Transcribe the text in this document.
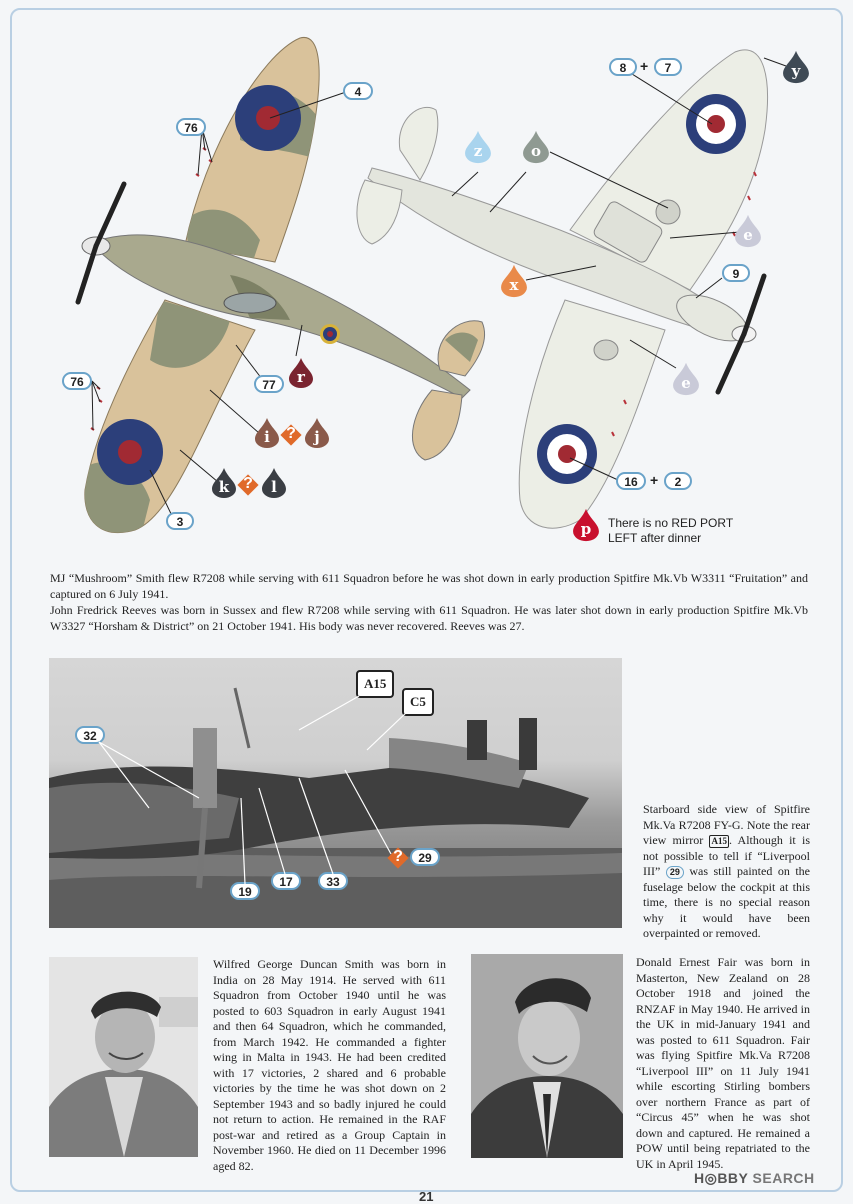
4
76
76	77
3
r
i	?	j
k ?	l
8 +	7
9
16 +	2
y
z	o
e
x
e
p	There is no RED PORT
LEFT after dinner
MJ “Mushroom” Smith flew R7208 while serving with 611 Squadron before he was shot down in early production Spitfire Mk.Vb W3311 “Fruitation” and captured on 6 July 1941.
John Fredrick Reeves was born in Sussex and flew R7208 while serving with 611 Squadron. He was later shot down in early production Spitfire Mk.Vb W3327 “Horsham & District” on 21 October 1941. His body was never recovered. Reeves was 27.
A15
C5
32
19
17	33
?	29
Starboard side view of Spitfire Mk.Va R7208 FY-G. Note the rear view mirror A15 . Although it is not possible to tell if “Liverpool III” 29 was still painted on the fuselage below the cockpit at this time, there is no special reason why it would have been overpainted or removed.
Wilfred George Duncan Smith was born in India on 28 May 1914. He served with 611 Squadron from October 1940 until he was posted to 603 Squadron in early August 1941 and then 64 Squadron, which he commanded, from March 1942. He commanded a fighter wing in Malta in 1943. He had been credited with 17 victories, 2 shared and 6 probable victories by the time he was shot down on 2 September 1943 and so badly injured he could not return to action. He remained in the RAF post-war and retired as a Group Captain in November 1960. He died on 11 December 1996 aged 82.
Donald Ernest Fair was born in Masterton, New Zealand on 28 October 1918 and joined the RNZAF in May 1940. He arrived in the UK in mid-January 1941 and was posted to 611 Squadron. Fair was flying Spitfire Mk.Va R7208 “Liverpool III” on 11 July 1941 while escorting Stirling bombers over northern France as part of “Circus 45” when he was shot down and captured. He remained a POW until being repatriated to the UK in April 1945.
H◎BBY SEARCH
21
